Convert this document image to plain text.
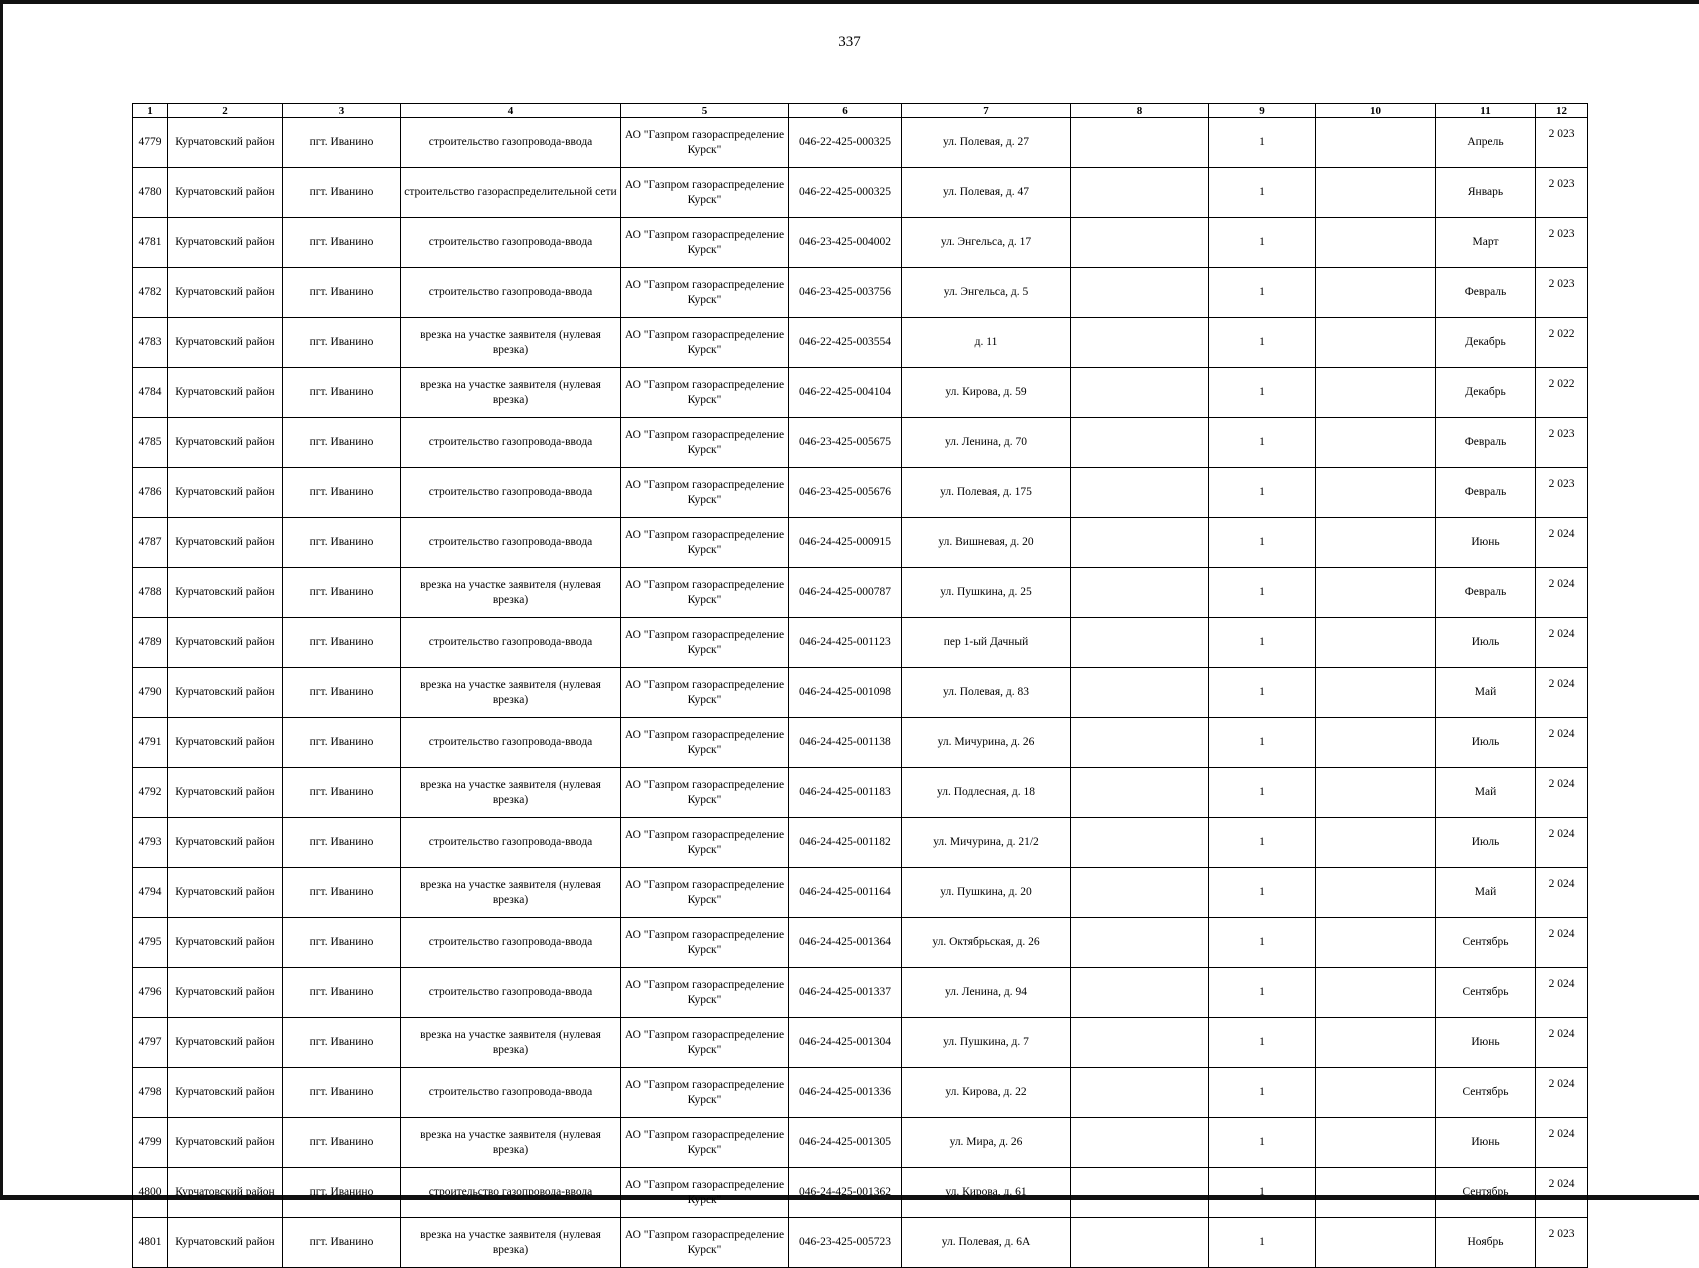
337
1	2	3	4	5	6	7	8	9	10	11	12
4779	Курчатовский район	пгт. Иванино	строительство газопровода-ввода	АО "Газпром газораспределение Курск"	046-22-425-000325	ул. Полевая, д. 27		1		Апрель	2 023
4780	Курчатовский район	пгт. Иванино	строительство газораспределительной сети	АО "Газпром газораспределение Курск"	046-22-425-000325	ул. Полевая, д. 47		1		Январь	2 023
4781	Курчатовский район	пгт. Иванино	строительство газопровода-ввода	АО "Газпром газораспределение Курск"	046-23-425-004002	ул. Энгельса, д. 17		1		Март	2 023
4782	Курчатовский район	пгт. Иванино	строительство газопровода-ввода	АО "Газпром газораспределение Курск"	046-23-425-003756	ул. Энгельса, д. 5		1		Февраль	2 023
4783	Курчатовский район	пгт. Иванино	врезка на участке заявителя (нулевая врезка)	АО "Газпром газораспределение Курск"	046-22-425-003554	д. 11		1		Декабрь	2 022
4784	Курчатовский район	пгт. Иванино	врезка на участке заявителя (нулевая врезка)	АО "Газпром газораспределение Курск"	046-22-425-004104	ул. Кирова, д. 59		1		Декабрь	2 022
4785	Курчатовский район	пгт. Иванино	строительство газопровода-ввода	АО "Газпром газораспределение Курск"	046-23-425-005675	ул. Ленина, д. 70		1		Февраль	2 023
4786	Курчатовский район	пгт. Иванино	строительство газопровода-ввода	АО "Газпром газораспределение Курск"	046-23-425-005676	ул. Полевая, д. 175		1		Февраль	2 023
4787	Курчатовский район	пгт. Иванино	строительство газопровода-ввода	АО "Газпром газораспределение Курск"	046-24-425-000915	ул. Вишневая, д. 20		1		Июнь	2 024
4788	Курчатовский район	пгт. Иванино	врезка на участке заявителя (нулевая врезка)	АО "Газпром газораспределение Курск"	046-24-425-000787	ул. Пушкина, д. 25		1		Февраль	2 024
4789	Курчатовский район	пгт. Иванино	строительство газопровода-ввода	АО "Газпром газораспределение Курск"	046-24-425-001123	пер 1-ый Дачный		1		Июль	2 024
4790	Курчатовский район	пгт. Иванино	врезка на участке заявителя (нулевая врезка)	АО "Газпром газораспределение Курск"	046-24-425-001098	ул. Полевая, д. 83		1		Май	2 024
4791	Курчатовский район	пгт. Иванино	строительство газопровода-ввода	АО "Газпром газораспределение Курск"	046-24-425-001138	ул. Мичурина, д. 26		1		Июль	2 024
4792	Курчатовский район	пгт. Иванино	врезка на участке заявителя (нулевая врезка)	АО "Газпром газораспределение Курск"	046-24-425-001183	ул. Подлесная, д. 18		1		Май	2 024
4793	Курчатовский район	пгт. Иванино	строительство газопровода-ввода	АО "Газпром газораспределение Курск"	046-24-425-001182	ул. Мичурина, д. 21/2		1		Июль	2 024
4794	Курчатовский район	пгт. Иванино	врезка на участке заявителя (нулевая врезка)	АО "Газпром газораспределение Курск"	046-24-425-001164	ул. Пушкина, д. 20		1		Май	2 024
4795	Курчатовский район	пгт. Иванино	строительство газопровода-ввода	АО "Газпром газораспределение Курск"	046-24-425-001364	ул. Октябрьская, д. 26		1		Сентябрь	2 024
4796	Курчатовский район	пгт. Иванино	строительство газопровода-ввода	АО "Газпром газораспределение Курск"	046-24-425-001337	ул. Ленина, д. 94		1		Сентябрь	2 024
4797	Курчатовский район	пгт. Иванино	врезка на участке заявителя (нулевая врезка)	АО "Газпром газораспределение Курск"	046-24-425-001304	ул. Пушкина, д. 7		1		Июнь	2 024
4798	Курчатовский район	пгт. Иванино	строительство газопровода-ввода	АО "Газпром газораспределение Курск"	046-24-425-001336	ул. Кирова, д. 22		1		Сентябрь	2 024
4799	Курчатовский район	пгт. Иванино	врезка на участке заявителя (нулевая врезка)	АО "Газпром газораспределение Курск"	046-24-425-001305	ул. Мира, д. 26		1		Июнь	2 024
4800	Курчатовский район	пгт. Иванино	строительство газопровода-ввода	АО "Газпром газораспределение Курск"	046-24-425-001362	ул. Кирова, д. 61		1		Сентябрь	2 024
4801	Курчатовский район	пгт. Иванино	врезка на участке заявителя (нулевая врезка)	АО "Газпром газораспределение Курск"	046-23-425-005723	ул. Полевая, д. 6А		1		Ноябрь	2 023
